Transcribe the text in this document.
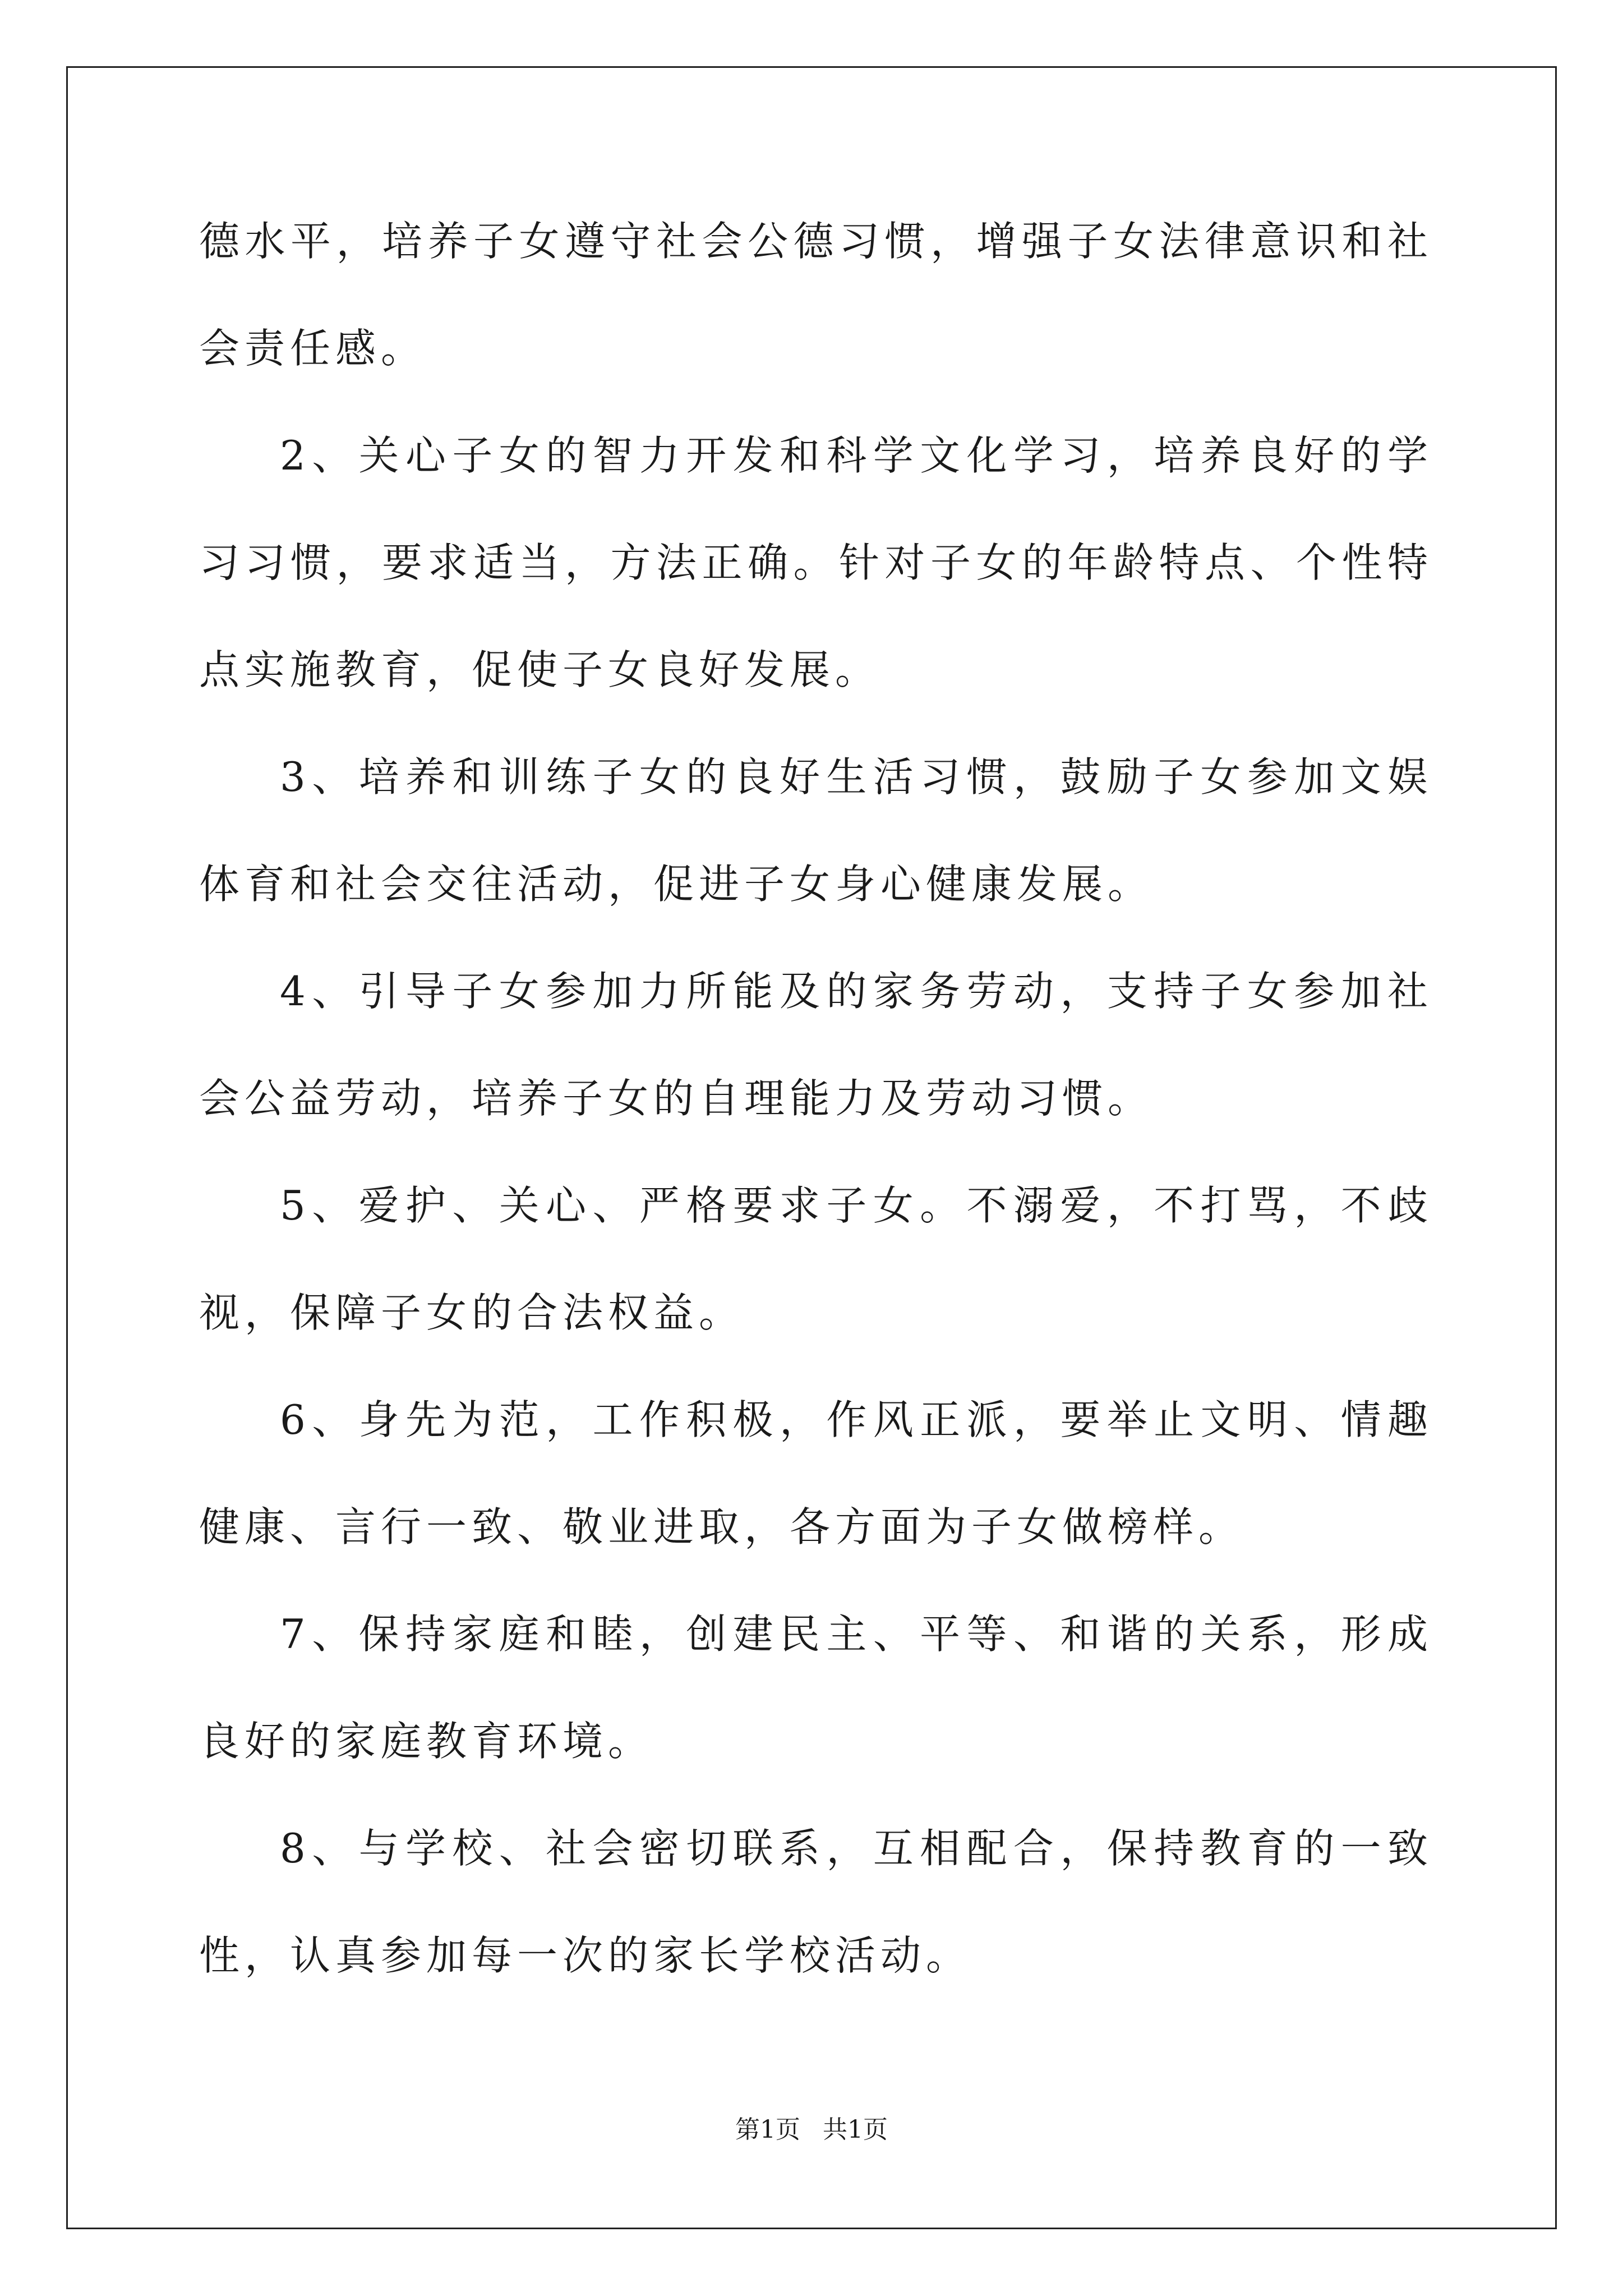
德水平，培养子女遵守社会公德习惯，增强子女法律意识和社会责任感。

2、关心子女的智力开发和科学文化学习，培养良好的学习习惯，要求适当，方法正确。针对子女的年龄特点、个性特点实施教育，促使子女良好发展。

3、培养和训练子女的良好生活习惯，鼓励子女参加文娱体育和社会交往活动，促进子女身心健康发展。

4、引导子女参加力所能及的家务劳动，支持子女参加社会公益劳动，培养子女的自理能力及劳动习惯。

5、爱护、关心、严格要求子女。不溺爱，不打骂，不歧视，保障子女的合法权益。

6、身先为范，工作积极，作风正派，要举止文明、情趣健康、言行一致、敬业进取，各方面为子女做榜样。

7、保持家庭和睦，创建民主、平等、和谐的关系，形成良好的家庭教育环境。

8、与学校、社会密切联系，互相配合，保持教育的一致性，认真参加每一次的家长学校活动。

第1页 共1页
